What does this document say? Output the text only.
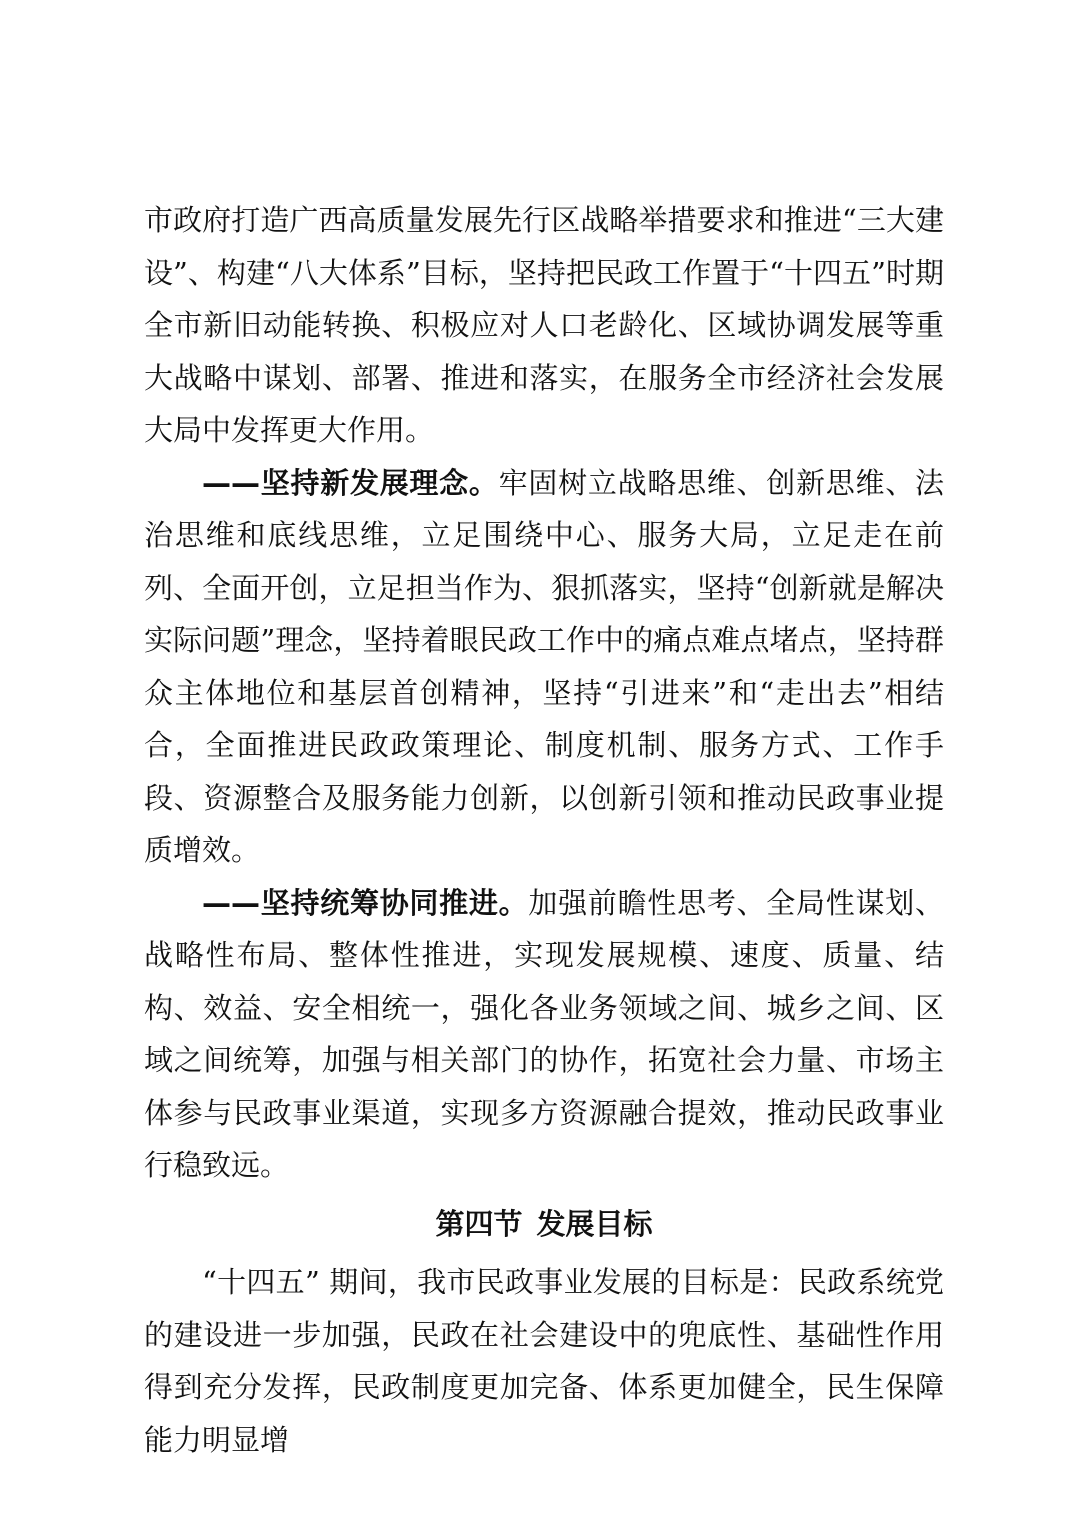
市政府打造广西高质量发展先行区战略举措要求和推进“三大建设”、构建“八大体系”目标，坚持把民政工作置于“十四五”时期全市新旧动能转换、积极应对人口老龄化、区域协调发展等重大战略中谋划、部署、推进和落实，在服务全市经济社会发展大局中发挥更大作用。

——坚持新发展理念。牢固树立战略思维、创新思维、法治思维和底线思维，立足围绕中心、服务大局，立足走在前列、全面开创，立足担当作为、狠抓落实，坚持“创新就是解决实际问题”理念，坚持着眼民政工作中的痛点难点堵点，坚持群众主体地位和基层首创精神，坚持“引进来”和“走出去”相结合，全面推进民政政策理论、制度机制、服务方式、工作手段、资源整合及服务能力创新，以创新引领和推动民政事业提质增效。

——坚持统筹协同推进。加强前瞻性思考、全局性谋划、战略性布局、整体性推进，实现发展规模、速度、质量、结构、效益、安全相统一，强化各业务领域之间、城乡之间、区域之间统筹，加强与相关部门的协作，拓宽社会力量、市场主体参与民政事业渠道，实现多方资源融合提效，推动民政事业行稳致远。

第四节 发展目标

“十四五” 期间，我市民政事业发展的目标是：民政系统党的建设进一步加强，民政在社会建设中的兜底性、基础性作用得到充分发挥，民政制度更加完备、体系更加健全，民生保障能力明显增
